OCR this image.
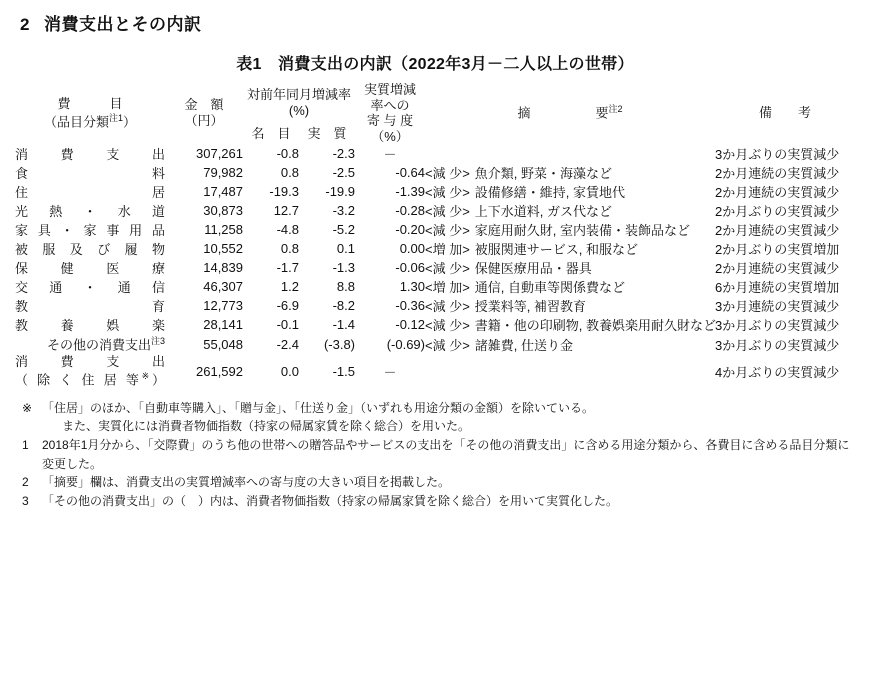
2 消費支出とその内訳
表1　消費支出の内訳（2022年3月－二人以上の世帯）
費　　　目
（品目分類$^{注1}$）

金　額
（円）
	対前年同月増減率(%)	
実質増減
率への
寄 与 度
（%）
	摘　　　　　要$^{注2}$	備　　考
		名　目	実　質			

消　費　支　出	307,261	-0.8	-2.3	－		3か月ぶりの実質減少

食　　　　　料	79,982	0.8	-2.5	-0.64	<減 少> 魚介類, 野菜・海藻など	2か月連続の実質減少

住　　　　　居	17,487	-19.3	-19.9	-1.39	<減 少> 設備修繕・維持, 家賃地代	2か月連続の実質減少

光 熱 ・ 水 道	30,873	12.7	-3.2	-0.28	<減 少> 上下水道料, ガス代など	2か月ぶりの実質減少

家具・家事用品	11,258	-4.8	-5.2	-0.20	<減 少> 家庭用耐久財, 室内装備・装飾品など	2か月連続の実質減少

被 服 及 び 履 物	10,552	0.8	0.1	0.00	<増 加> 被服関連サービス, 和服など	2か月ぶりの実質増加

保　健　医　療	14,839	-1.7	-1.3	-0.06	<減 少> 保健医療用品・器具	2か月連続の実質減少

交 通 ・ 通 信	46,307	1.2	8.8	1.30	<増 加> 通信, 自動車等関係費など	6か月連続の実質増加

教　　　　　育	12,773	-6.9	-8.2	-0.36	<減 少> 授業料等, 補習教育	3か月連続の実質減少

教　養　娯　楽	28,141	-0.1	-1.4	-0.12	<減 少> 書籍・他の印刷物, 教養娯楽用耐久財など	3か月ぶりの実質減少

その他の消費支出$^{注3}$	55,048	-2.4	(-3.8)	(-0.69)	<減 少> 諸雑費, 仕送り金	3か月ぶりの実質減少

消　費　支　出
（ 除 く 住 居 等※）	261,592	0.0	-1.5	－		4か月ぶりの実質減少

※ 「住居」のほか、「自動車等購入」、「贈与金」、「仕送り金」（いずれも用途分類の金額）を除いている。
また、実質化には消費者物価指数（持家の帰属家賃を除く総合）を用いた。
1	2018年1月分から、「交際費」のうち他の世帯への贈答品やサービスの支出を「その他の消費支出」に含める用途分類から、各費目に含める品目分類に変更した。
2	「摘要」欄は、消費支出の実質増減率への寄与度の大きい項目を掲載した。
3	「その他の消費支出」の（　）内は、消費者物価指数（持家の帰属家賃を除く総合）を用いて実質化した。
